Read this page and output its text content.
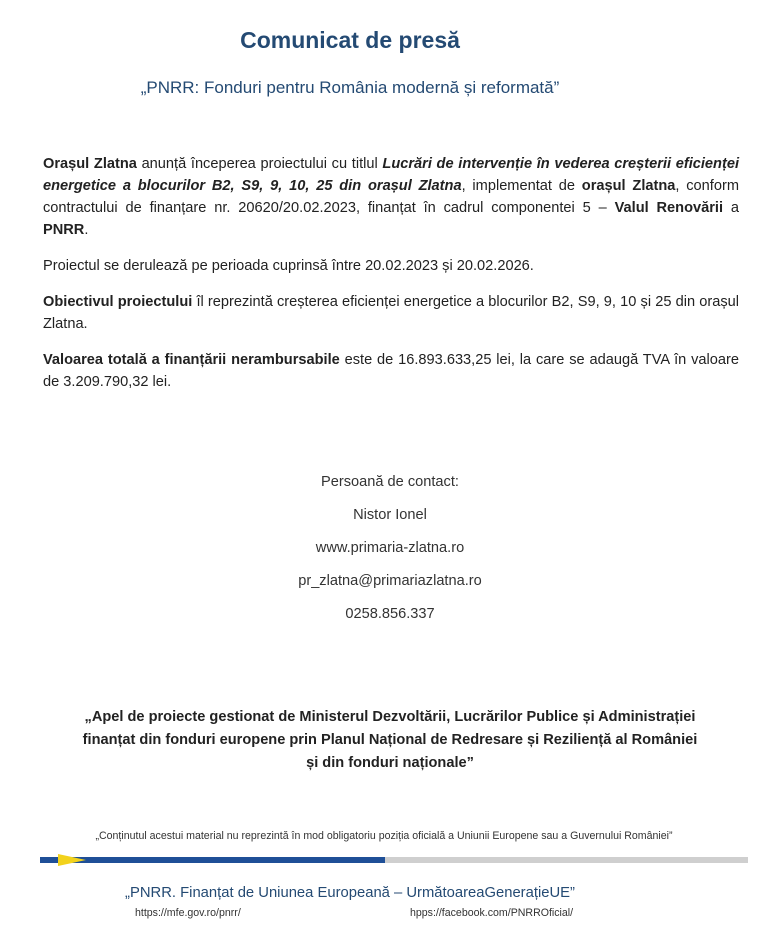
Comunicat de presă

„PNRR: Fonduri pentru România modernă și reformată”

Orașul Zlatna anunță începerea proiectului cu titlul Lucrări de intervenție în vederea creșterii eficienței energetice a blocurilor B2, S9, 9, 10, 25 din orașul Zlatna, implementat de orașul Zlatna, conform contractului de finanțare nr. 20620/20.02.2023, finanțat în cadrul componentei 5 – Valul Renovării a PNRR.

Proiectul se derulează pe perioada cuprinsă între 20.02.2023 și 20.02.2026.

Obiectivul proiectului îl reprezintă creșterea eficienței energetice a blocurilor B2, S9, 9, 10 și 25 din orașul Zlatna.

Valoarea totală a finanțării nerambursabile este de 16.893.633,25 lei, la care se adaugă TVA în valoare de 3.209.790,32 lei.

Persoană de contact:
Nistor Ionel
www.primaria-zlatna.ro
pr_zlatna@primariazlatna.ro
0258.856.337

„Apel de proiecte gestionat de Ministerul Dezvoltării, Lucrărilor Publice și Administrației
finanțat din fonduri europene prin Planul Național de Redresare și Reziliență al României
și din fonduri naționale”

„Conținutul acestui material nu reprezintă în mod obligatoriu poziția oficială a Uniunii Europene sau a Guvernului României”
„PNRR. Finanțat de Uniunea Europeană – UrmătoareaGenerațieUE”
https://mfe.gov.ro/pnrr/	hpps://facebook.com/PNRROficial/
